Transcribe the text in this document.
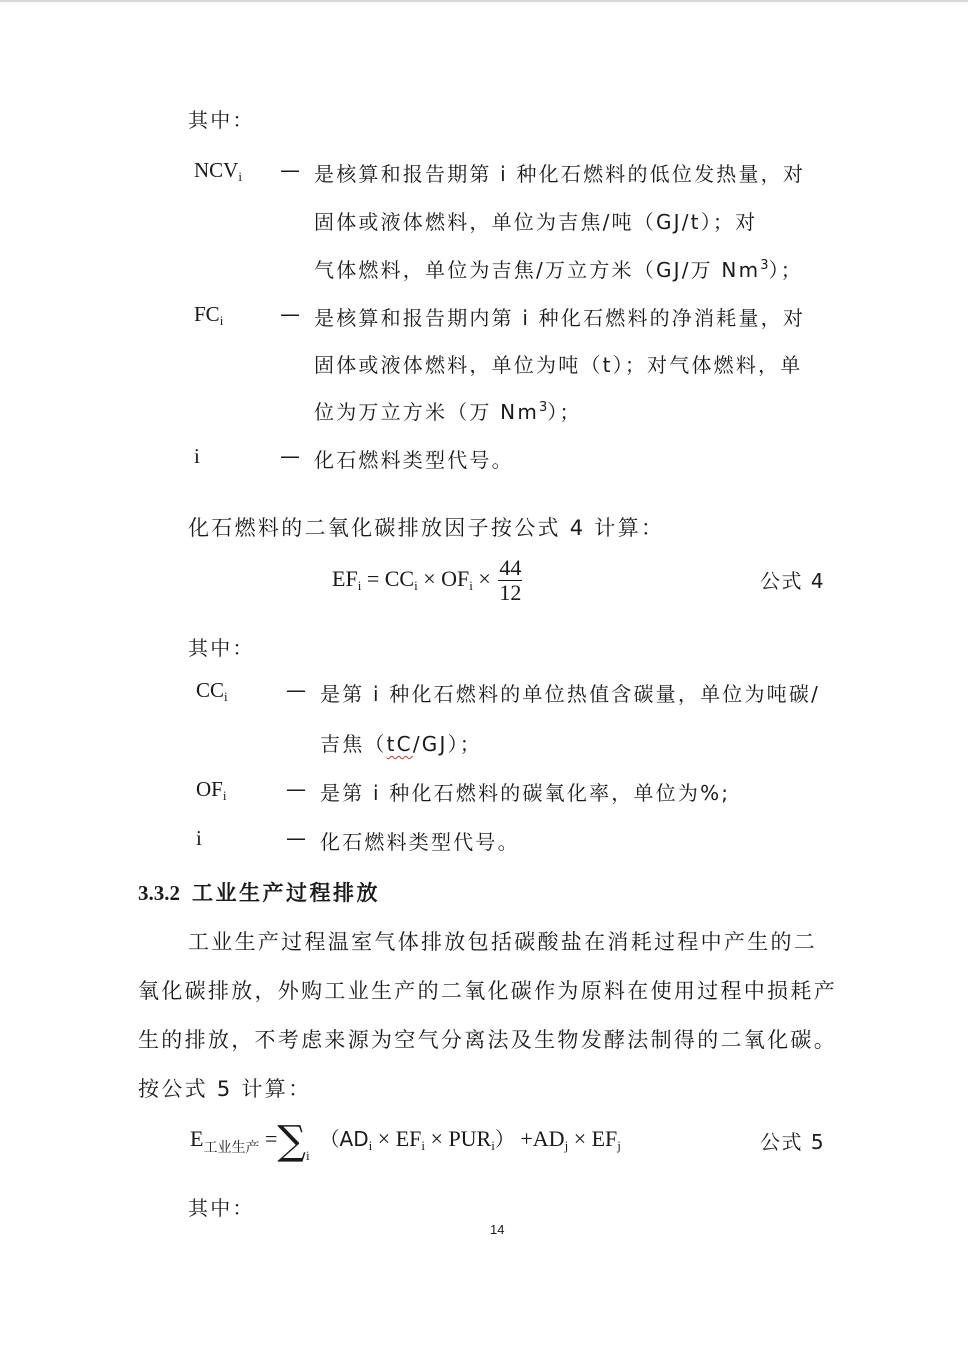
其中：
$NCV_i$ — 是核算和报告期第 i 种化石燃料的低位发热量，对
固体或液体燃料，单位为吉焦/吨（GJ/t）；对
气体燃料，单位为吉焦/万立方米（GJ/万 Nm$^3$）；
$FC_i$	— 是核算和报告期内第 i 种化石燃料的净消耗量，对
固体或液体燃料，单位为吨（t）；对气体燃料，单
位为万立方米（万 Nm$^3$）；
i	— 化石燃料类型代号。
化石燃料的二氧化碳排放因子按公式 4 计算：
$EF_i = CC_i \times OF_i \times \frac{44}{12}$	公式 4
其中：
$CC_i$	— 是第 i 种化石燃料的单位热值含碳量，单位为吨碳/
吉焦（tC/GJ）；
$OF_i$	— 是第 i 种化石燃料的碳氧化率，单位为%;
i	— 化石燃料类型代号。
3.3.2 工业生产过程排放
工业生产过程温室气体排放包括碳酸盐在消耗过程中产生的二
氧化碳排放，外购工业生产的二氧化碳作为原料在使用过程中损耗产
生的排放，不考虑来源为空气分离法及生物发酵法制得的二氧化碳。
按公式 5 计算：
$E_{工业生产} =\sum_i(AD_i \times EF_i \times PUR_i) +AD_j \times EF_j$	公式 5
其中：
14
